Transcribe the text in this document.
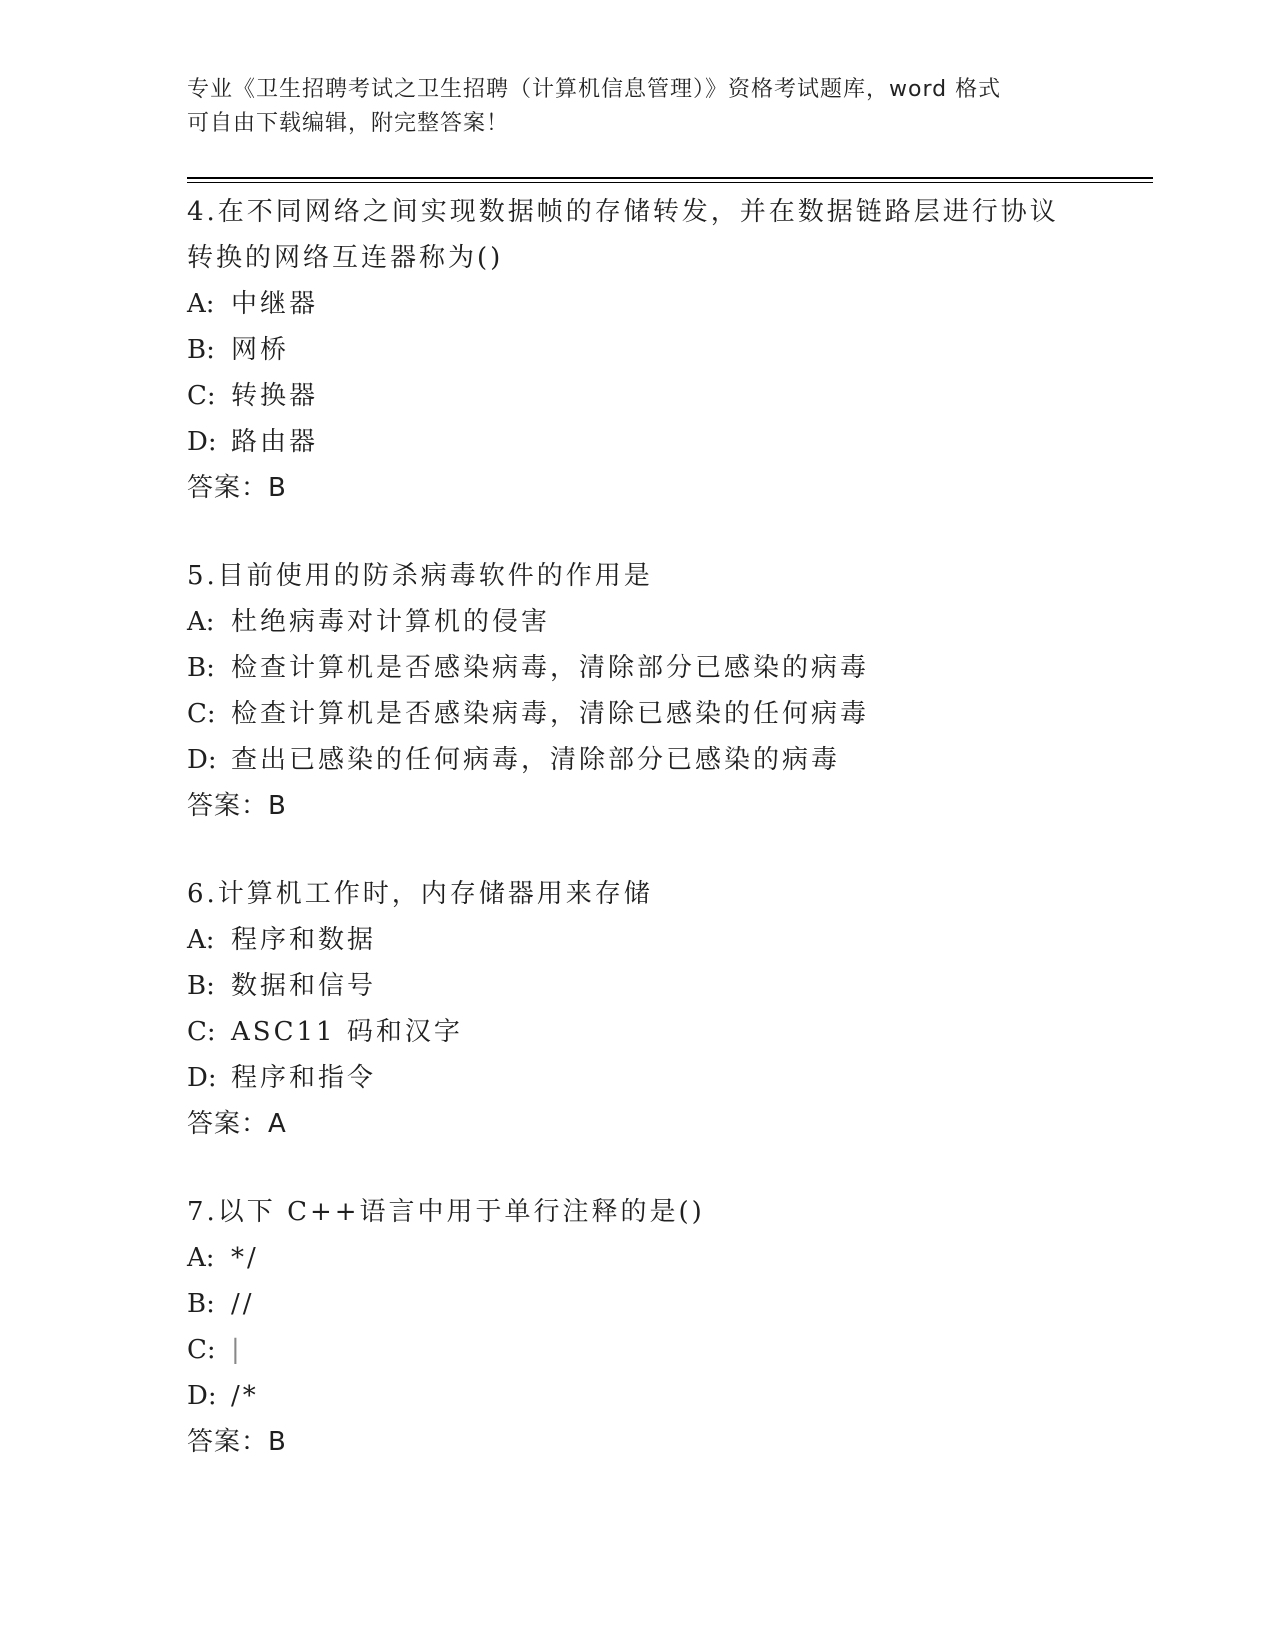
专业《卫生招聘考试之卫生招聘（计算机信息管理）》资格考试题库，word 格式
可自由下载编辑，附完整答案！
4.在不同网络之间实现数据帧的存储转发，并在数据链路层进行协议
转换的网络互连器称为()
A: 中继器
B: 网桥
C: 转换器
D: 路由器
答案：B
5.目前使用的防杀病毒软件的作用是
A: 杜绝病毒对计算机的侵害
B: 检查计算机是否感染病毒，清除部分已感染的病毒
C: 检查计算机是否感染病毒，清除已感染的任何病毒
D: 查出已感染的任何病毒，清除部分已感染的病毒
答案：B
6.计算机工作时，内存储器用来存储
A: 程序和数据
B: 数据和信号
C: ASC11 码和汉字
D: 程序和指令
答案：A
7.以下 C++语言中用于单行注释的是()
A: */
B: //
C: |
D: /*
答案：B
